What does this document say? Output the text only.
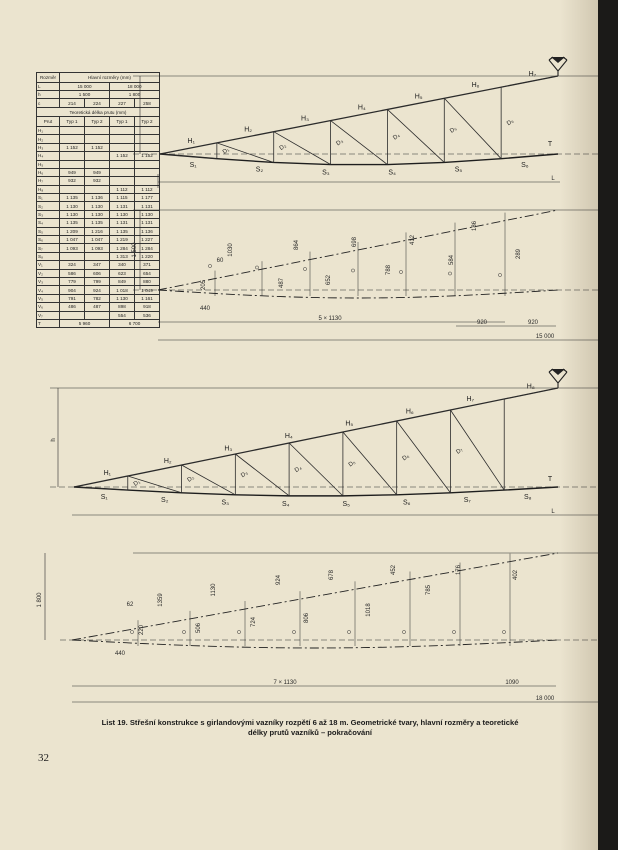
Rozměr	Hlavní rozměry (mm)			
L	15 000		18 000	
h	1 500		1 800	
c	214	224	227	258
Teoretická délka prutu (mm)				
Prut	Typ 1	Typ 2	Typ 1	Typ 2
H₁				
H₂				
H₃	1 152	1 152		
H₄			1 152	1 152
H₅				
H₆	949	949		
H₇	932	932		
H₈			1 112	1 112
S₁	1 135	1 136	1 115	1 177
S₂	1 130	1 130	1 131	1 131
S₃	1 130	1 130	1 130	1 130
S₄	1 135	1 135	1 131	1 131
S₅	1 209	1 216	1 135	1 136
S₆	1 047	1 047	1 219	1 227
S₇	1 093	1 093	1 284	1 284
S₈			1 313	1 220
V₁	324	347	340	371
V₂	586	606	623	654
V₃	779	799	849	880
V₄	904	924	1 018	1 049
V₅	791	782	1 130	1 161
V₆	486	487	898	918
V₇			554	536
T	5 960		6 700	
L
H₁
H₂
H₃
H₄
H₅
H₆
H₇
S₁
S₂	S₃	S₄	S₅
S₆
D₁	D₂
D₃
D₄
D₅
D₆
T
1 500
205
1030
487
864
652
698
788
412
584
186
289
60
440
5 × 1130
920	920
15 000
h
L
H₁
H₂
H₃
H₄
H₅
H₆
H₇
H₈
S₁	S₂	S₃	S₄	S₅	S₆	S₇	S₈
D₁	D₂
D₃
D₄
D₅
D₆
D₇
T
1 800
220
1359
506
1130
724
924
806
678
1018
452
785
176	402
62
440
7 × 1130	1090
18 000
List 19. Střešní konstrukce s girlandovými vazníky rozpětí 6 až 18 m. Geometrické tvary, hlavní rozměry a teoretické
délky prutů vazníků – pokračování
32
